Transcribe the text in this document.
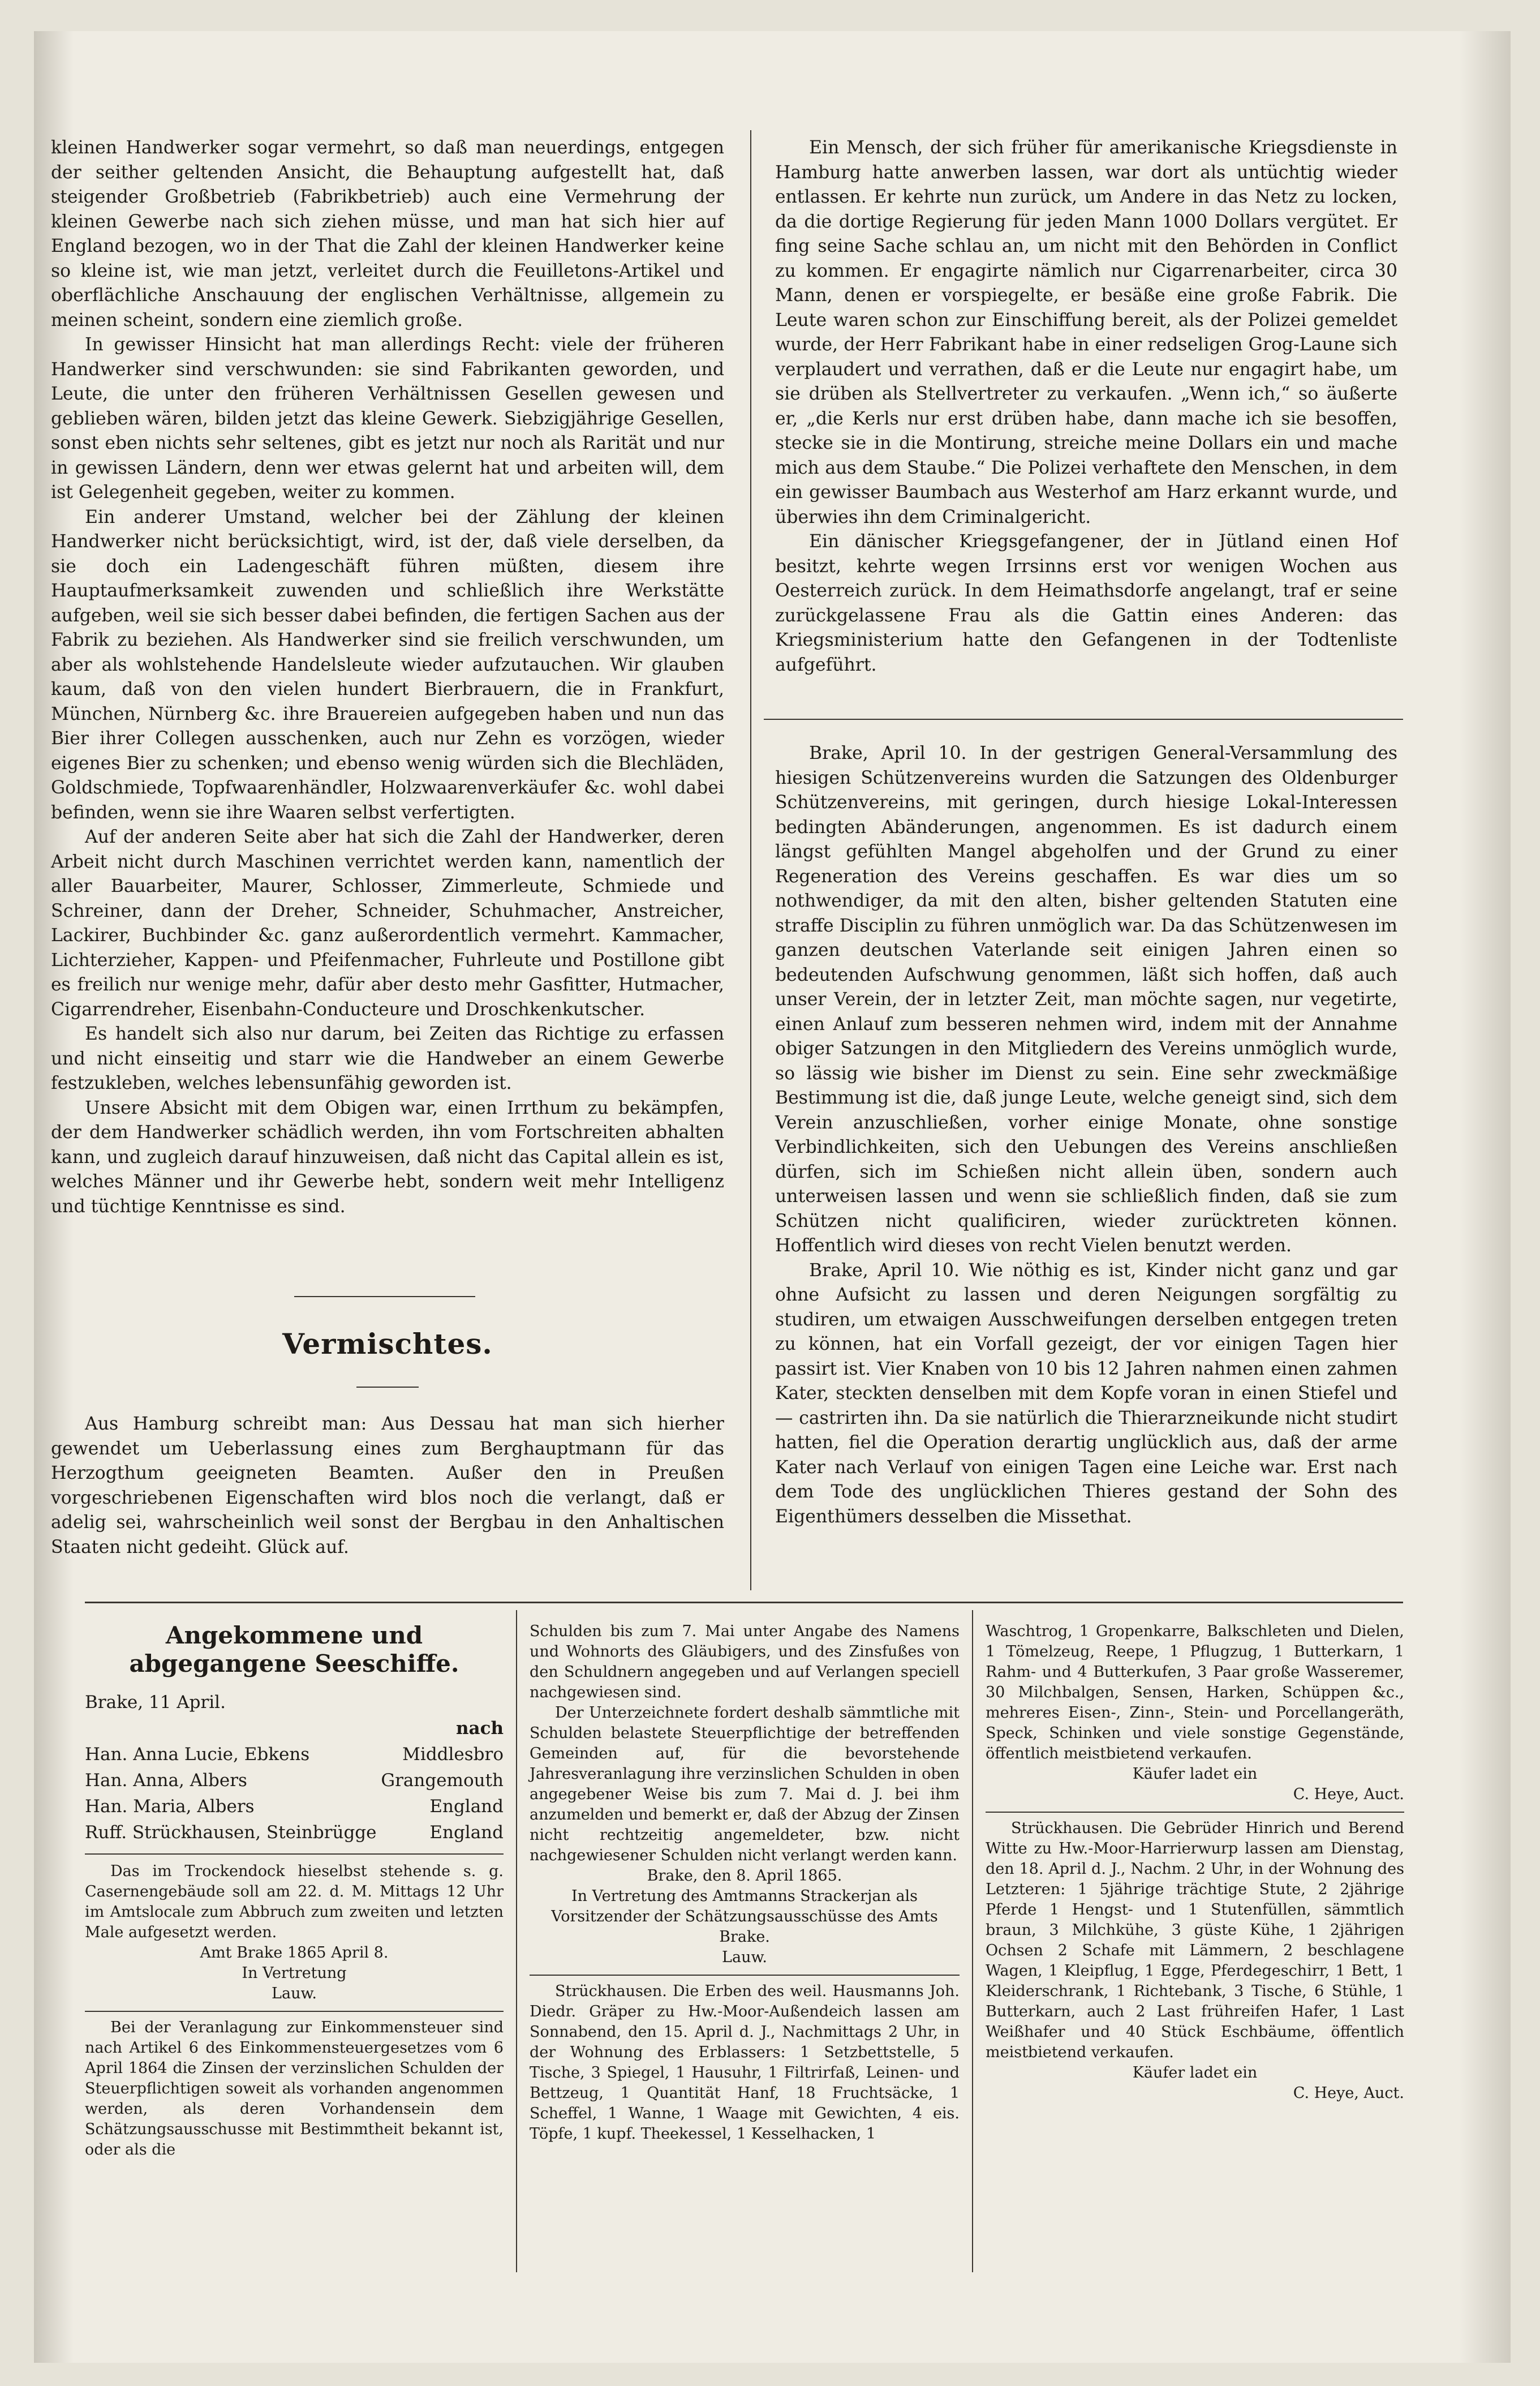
kleinen Handwerker sogar vermehrt, so daß man neuerdings, entgegen der seither geltenden Ansicht, die Behauptung aufgestellt hat, daß steigender Großbetrieb (Fabrikbetrieb) auch eine Vermehrung der kleinen Gewerbe nach sich ziehen müsse, und man hat sich hier auf England bezogen, wo in der That die Zahl der kleinen Handwerker keine so kleine ist, wie man jetzt, verleitet durch die Feuilletons-Artikel und oberflächliche Anschauung der englischen Verhältnisse, allgemein zu meinen scheint, sondern eine ziemlich große.

In gewisser Hinsicht hat man allerdings Recht: viele der früheren Handwerker sind verschwunden: sie sind Fabrikanten geworden, und Leute, die unter den früheren Verhältnissen Gesellen gewesen und geblieben wären, bilden jetzt das kleine Gewerk. Siebzigjährige Gesellen, sonst eben nichts sehr seltenes, gibt es jetzt nur noch als Rarität und nur in gewissen Ländern, denn wer etwas gelernt hat und arbeiten will, dem ist Gelegenheit gegeben, weiter zu kommen.

Ein anderer Umstand, welcher bei der Zählung der kleinen Handwerker nicht berücksichtigt, wird, ist der, daß viele derselben, da sie doch ein Ladengeschäft führen müßten, diesem ihre Hauptaufmerksamkeit zuwenden und schließlich ihre Werkstätte aufgeben, weil sie sich besser dabei befinden, die fertigen Sachen aus der Fabrik zu beziehen. Als Handwerker sind sie freilich verschwunden, um aber als wohlstehende Handelsleute wieder aufzutauchen. Wir glauben kaum, daß von den vielen hundert Bierbrauern, die in Frankfurt, München, Nürnberg &c. ihre Brauereien aufgegeben haben und nun das Bier ihrer Collegen ausschenken, auch nur Zehn es vorzögen, wieder eigenes Bier zu schenken; und ebenso wenig würden sich die Blechläden, Goldschmiede, Topfwaarenhändler, Holzwaarenverkäufer &c. wohl dabei befinden, wenn sie ihre Waaren selbst verfertigten.

Auf der anderen Seite aber hat sich die Zahl der Handwerker, deren Arbeit nicht durch Maschinen verrichtet werden kann, namentlich der aller Bauarbeiter, Maurer, Schlosser, Zimmerleute, Schmiede und Schreiner, dann der Dreher, Schneider, Schuhmacher, Anstreicher, Lackirer, Buchbinder &c. ganz außerordentlich vermehrt. Kammacher, Lichterzieher, Kappen- und Pfeifenmacher, Fuhrleute und Postillone gibt es freilich nur wenige mehr, dafür aber desto mehr Gasfitter, Hutmacher, Cigarrendreher, Eisenbahn-Conducteure und Droschkenkutscher.

Es handelt sich also nur darum, bei Zeiten das Richtige zu erfassen und nicht einseitig und starr wie die Handweber an einem Gewerbe festzukleben, welches lebensunfähig geworden ist.

Unsere Absicht mit dem Obigen war, einen Irrthum zu bekämpfen, der dem Handwerker schädlich werden, ihn vom Fortschreiten abhalten kann, und zugleich darauf hinzuweisen, daß nicht das Capital allein es ist, welches Männer und ihr Gewerbe hebt, sondern weit mehr Intelligenz und tüchtige Kenntnisse es sind.

Vermischtes.

Aus Hamburg schreibt man: Aus Dessau hat man sich hierher gewendet um Ueberlassung eines zum Berghauptmann für das Herzogthum geeigneten Beamten. Außer den in Preußen vorgeschriebenen Eigenschaften wird blos noch die verlangt, daß er adelig sei, wahrscheinlich weil sonst der Bergbau in den Anhaltischen Staaten nicht gedeiht. Glück auf.

Ein Mensch, der sich früher für amerikanische Kriegsdienste in Hamburg hatte anwerben lassen, war dort als untüchtig wieder entlassen. Er kehrte nun zurück, um Andere in das Netz zu locken, da die dortige Regierung für jeden Mann 1000 Dollars vergütet. Er fing seine Sache schlau an, um nicht mit den Behörden in Conflict zu kommen. Er engagirte nämlich nur Cigarrenarbeiter, circa 30 Mann, denen er vorspiegelte, er besäße eine große Fabrik. Die Leute waren schon zur Einschiffung bereit, als der Polizei gemeldet wurde, der Herr Fabrikant habe in einer redseligen Grog-Laune sich verplaudert und verrathen, daß er die Leute nur engagirt habe, um sie drüben als Stellvertreter zu verkaufen. „Wenn ich,“ so äußerte er, „die Kerls nur erst drüben habe, dann mache ich sie besoffen, stecke sie in die Montirung, streiche meine Dollars ein und mache mich aus dem Staube.“ Die Polizei verhaftete den Menschen, in dem ein gewisser Baumbach aus Westerhof am Harz erkannt wurde, und überwies ihn dem Criminalgericht.

Ein dänischer Kriegsgefangener, der in Jütland einen Hof besitzt, kehrte wegen Irrsinns erst vor wenigen Wochen aus Oesterreich zurück. In dem Heimathsdorfe angelangt, traf er seine zurückgelassene Frau als die Gattin eines Anderen: das Kriegsministerium hatte den Gefangenen in der Todtenliste aufgeführt.

Brake, April 10. In der gestrigen General-Versammlung des hiesigen Schützenvereins wurden die Satzungen des Oldenburger Schützenvereins, mit geringen, durch hiesige Lokal-Interessen bedingten Abänderungen, angenommen. Es ist dadurch einem längst gefühlten Mangel abgeholfen und der Grund zu einer Regeneration des Vereins geschaffen. Es war dies um so nothwendiger, da mit den alten, bisher geltenden Statuten eine straffe Disciplin zu führen unmöglich war. Da das Schützenwesen im ganzen deutschen Vaterlande seit einigen Jahren einen so bedeutenden Aufschwung genommen, läßt sich hoffen, daß auch unser Verein, der in letzter Zeit, man möchte sagen, nur vegetirte, einen Anlauf zum besseren nehmen wird, indem mit der Annahme obiger Satzungen in den Mitgliedern des Vereins unmöglich wurde, so lässig wie bisher im Dienst zu sein. Eine sehr zweckmäßige Bestimmung ist die, daß junge Leute, welche geneigt sind, sich dem Verein anzuschließen, vorher einige Monate, ohne sonstige Verbindlichkeiten, sich den Uebungen des Vereins anschließen dürfen, sich im Schießen nicht allein üben, sondern auch unterweisen lassen und wenn sie schließlich finden, daß sie zum Schützen nicht qualificiren, wieder zurücktreten können. Hoffentlich wird dieses von recht Vielen benutzt werden.

Brake, April 10. Wie nöthig es ist, Kinder nicht ganz und gar ohne Aufsicht zu lassen und deren Neigungen sorgfältig zu studiren, um etwaigen Ausschweifungen derselben entgegen treten zu können, hat ein Vorfall gezeigt, der vor einigen Tagen hier passirt ist. Vier Knaben von 10 bis 12 Jahren nahmen einen zahmen Kater, steckten denselben mit dem Kopfe voran in einen Stiefel und — castrirten ihn. Da sie natürlich die Thierarzneikunde nicht studirt hatten, fiel die Operation derartig unglücklich aus, daß der arme Kater nach Verlauf von einigen Tagen eine Leiche war. Erst nach dem Tode des unglücklichen Thieres gestand der Sohn des Eigenthümers desselben die Missethat.

Angekommene und abgegangene Seeschiffe.

Brake, 11 April.
nach
Han. Anna Lucie, Ebkens	Middlesbro
Han. Anna, Albers	Grangemouth
Han. Maria, Albers	England
Ruff. Strückhausen, Steinbrügge	England

Das im Trockendock hieselbst stehende s. g. Casernengebäude soll am 22. d. M. Mittags 12 Uhr im Amtslocale zum Abbruch zum zweiten und letzten Male aufgesetzt werden.

Amt Brake 1865 April 8.

In Vertretung

Lauw.

Bei der Veranlagung zur Einkommensteuer sind nach Artikel 6 des Einkommensteuergesetzes vom 6 April 1864 die Zinsen der verzinslichen Schulden der Steuerpflichtigen soweit als vorhanden angenommen werden, als deren Vorhandensein dem Schätzungsausschusse mit Bestimmtheit bekannt ist, oder als die

Schulden bis zum 7. Mai unter Angabe des Namens und Wohnorts des Gläubigers, und des Zinsfußes von den Schuldnern angegeben und auf Verlangen speciell nachgewiesen sind.

Der Unterzeichnete fordert deshalb sämmtliche mit Schulden belastete Steuerpflichtige der betreffenden Gemeinden auf, für die bevorstehende Jahresveranlagung ihre verzinslichen Schulden in oben angegebener Weise bis zum 7. Mai d. J. bei ihm anzumelden und bemerkt er, daß der Abzug der Zinsen nicht rechtzeitig angemeldeter, bzw. nicht nachgewiesener Schulden nicht verlangt werden kann.

Brake, den 8. April 1865.

In Vertretung des Amtmanns Strackerjan als Vorsitzender der Schätzungsausschüsse des Amts Brake.

Lauw.

Strückhausen. Die Erben des weil. Hausmanns Joh. Diedr. Gräper zu Hw.-Moor-Außendeich lassen am Sonnabend, den 15. April d. J., Nachmittags 2 Uhr, in der Wohnung des Erblassers: 1 Setzbettstelle, 5 Tische, 3 Spiegel, 1 Hausuhr, 1 Filtrirfaß, Leinen- und Bettzeug, 1 Quantität Hanf, 18 Fruchtsäcke, 1 Scheffel, 1 Wanne, 1 Waage mit Gewichten, 4 eis. Töpfe, 1 kupf. Theekessel, 1 Kesselhacken, 1

Waschtrog, 1 Gropenkarre, Balkschleten und Dielen, 1 Tömelzeug, Reepe, 1 Pflugzug, 1 Butterkarn, 1 Rahm- und 4 Butterkufen, 3 Paar große Wasseremer, 30 Milchbalgen, Sensen, Harken, Schüppen &c., mehreres Eisen-, Zinn-, Stein- und Porcellangeräth, Speck, Schinken und viele sonstige Gegenstände, öffentlich meistbietend verkaufen.

Käufer ladet ein

C. Heye, Auct.

Strückhausen. Die Gebrüder Hinrich und Berend Witte zu Hw.-Moor-Harrierwurp lassen am Dienstag, den 18. April d. J., Nachm. 2 Uhr, in der Wohnung des Letzteren: 1 5jährige trächtige Stute, 2 2jährige Pferde 1 Hengst- und 1 Stutenfüllen, sämmtlich braun, 3 Milchkühe, 3 güste Kühe, 1 2jährigen Ochsen 2 Schafe mit Lämmern, 2 beschlagene Wagen, 1 Kleipflug, 1 Egge, Pferdegeschirr, 1 Bett, 1 Kleiderschrank, 1 Richtebank, 3 Tische, 6 Stühle, 1 Butterkarn, auch 2 Last frühreifen Hafer, 1 Last Weißhafer und 40 Stück Eschbäume, öffentlich meistbietend verkaufen.

Käufer ladet ein

C. Heye, Auct.
